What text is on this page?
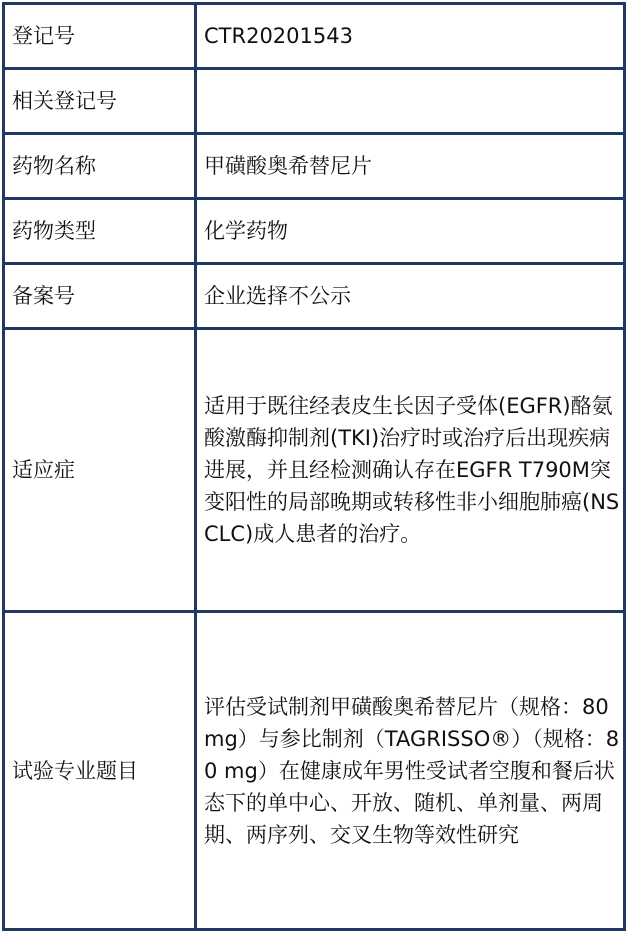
登记号	CTR20201543
相关登记号	
药物名称	甲磺酸奥希替尼片
药物类型	化学药物
备案号	企业选择不公示
适应症	适用于既往经表皮生长因子受体(EGFR)酪氨酸激酶抑制剂(TKI)治疗时或治疗后出现疾病进展，并且经检测确认存在EGFR T790M突变阳性的局部晚期或转移性非小细胞肺癌(NSCLC)成人患者的治疗。
试验专业题目	评估受试制剂甲磺酸奥希替尼片（规格：80 mg）与参比制剂（TAGRISSO®）（规格：80 mg）在健康成年男性受试者空腹和餐后状态下的单中心、开放、随机、单剂量、两周期、两序列、交叉生物等效性研究
